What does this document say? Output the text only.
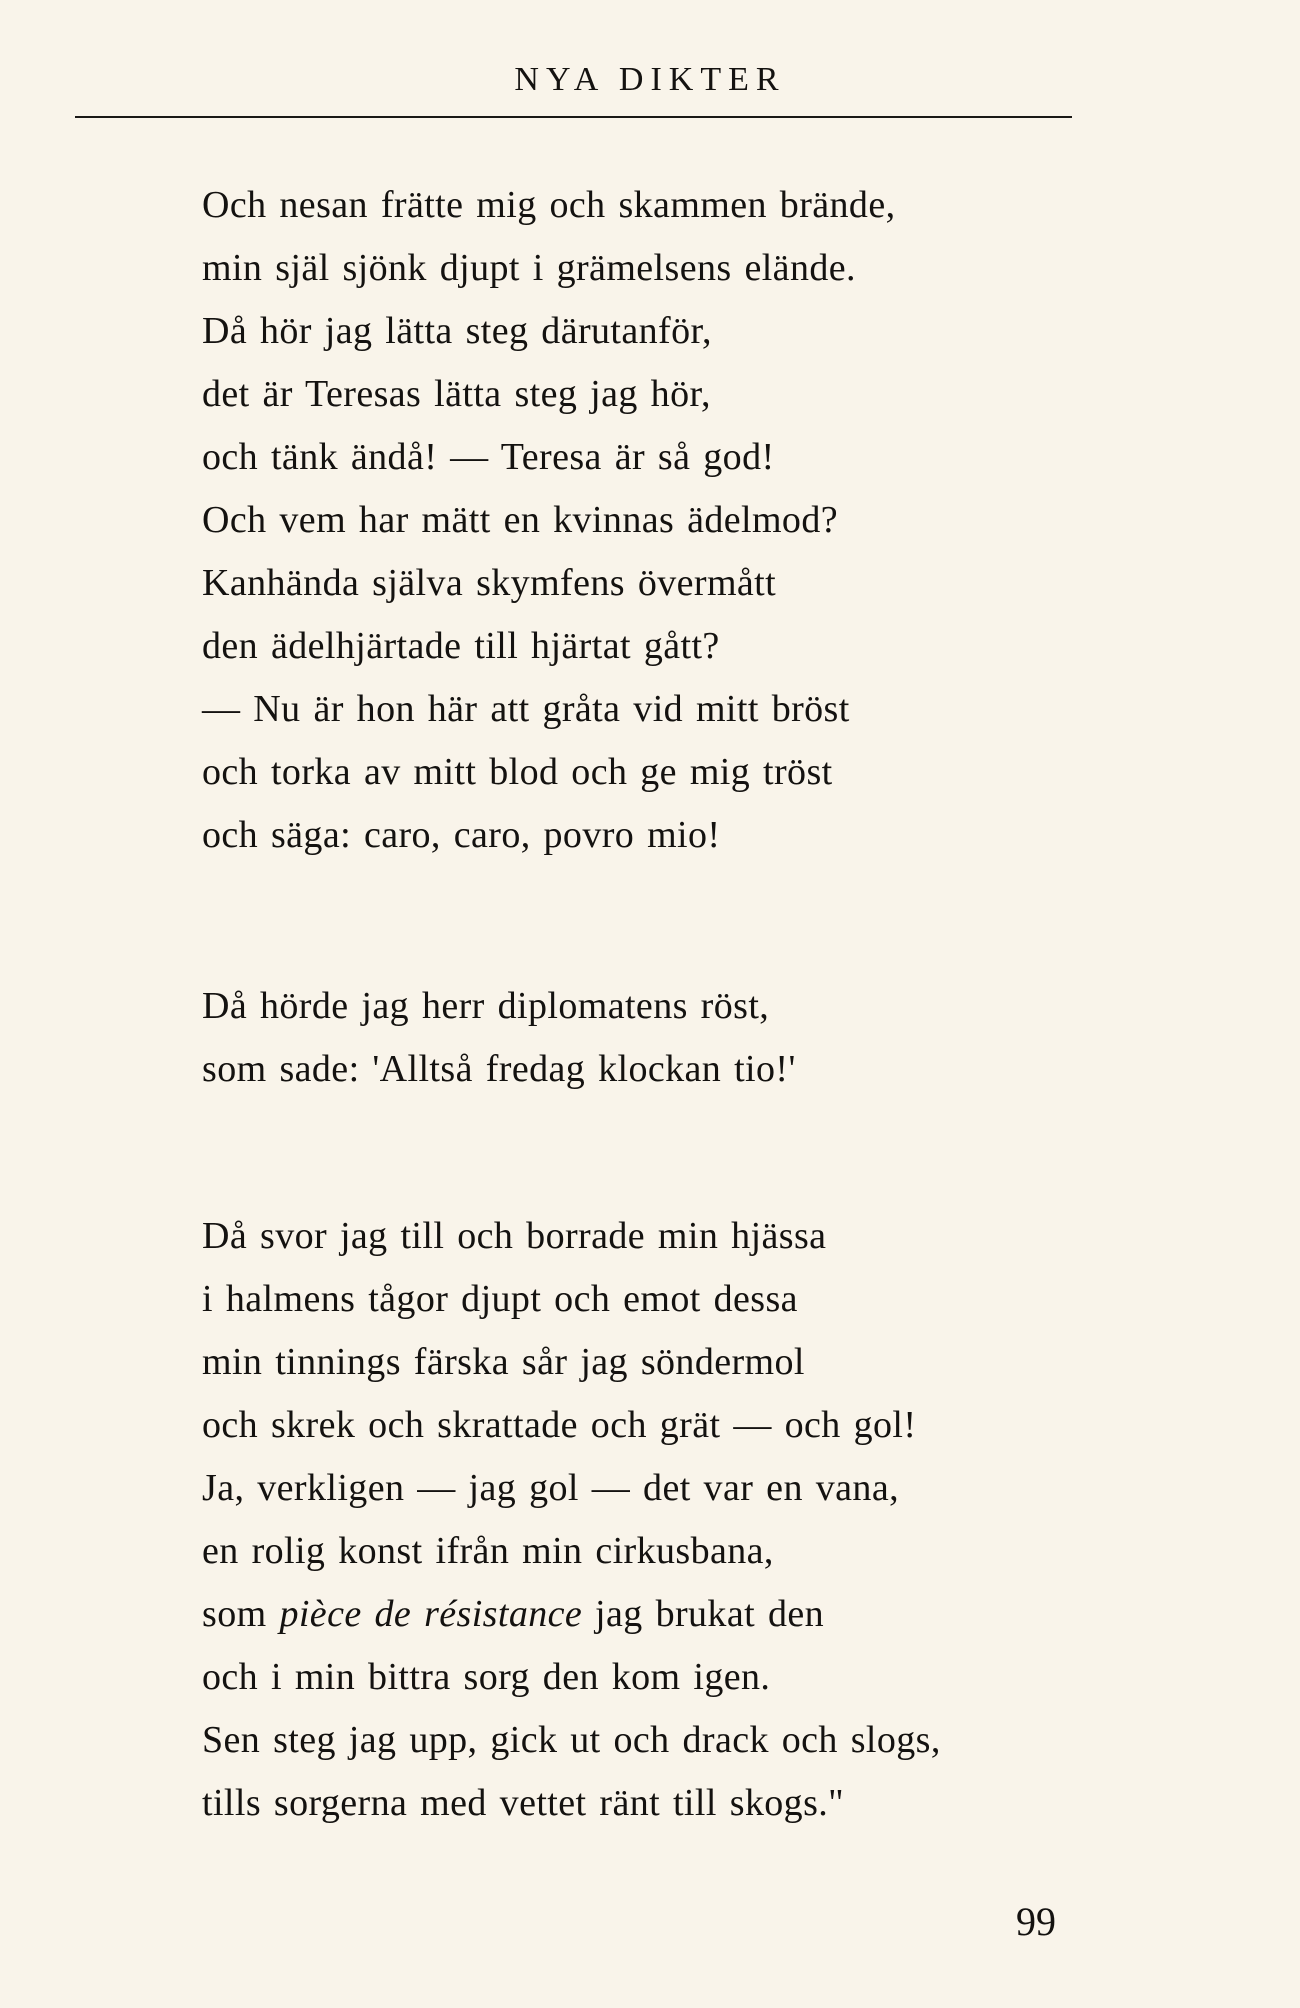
NYA DIKTER
Och nesan frätte mig och skammen brände,
min själ sjönk djupt i grämelsens elände.
Då hör jag lätta steg därutanför,
det är Teresas lätta steg jag hör,
och tänk ändå! — Teresa är så god!
Och vem har mätt en kvinnas ädelmod?
Kanhända själva skymfens övermått
den ädelhjärtade till hjärtat gått?
— Nu är hon här att gråta vid mitt bröst
och torka av mitt blod och ge mig tröst
och säga: caro, caro, povro mio!
Då hörde jag herr diplomatens röst,
som sade: 'Alltså fredag klockan tio!'
Då svor jag till och borrade min hjässa
i halmens tågor djupt och emot dessa
min tinnings färska sår jag söndermol
och skrek och skrattade och grät — och gol!
Ja, verkligen — jag gol — det var en vana,
en rolig konst ifrån min cirkusbana,
som pièce de résistance jag brukat den
och i min bittra sorg den kom igen.
Sen steg jag upp, gick ut och drack och slogs,
tills sorgerna med vettet ränt till skogs."
99
